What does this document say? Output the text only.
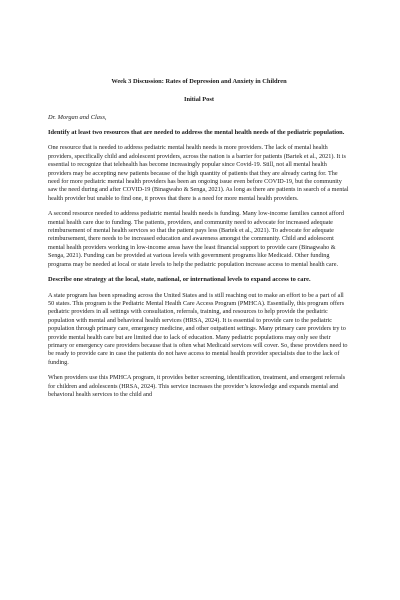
Week 3 Discussion: Rates of Depression and Anxiety in Children
Initial Post
Dr. Morgan and Class,
Identify at least two resources that are needed to address the mental health needs of the pediatric population.
One resource that is needed to address pediatric mental health needs is more providers. The lack of mental health providers, specifically child and adolescent providers, across the nation is a barrier for patients (Bartek et al., 2021). It is essential to recognize that telehealth has become increasingly popular since Covid-19. Still, not all mental health providers may be accepting new patients because of the high quantity of patients that they are already caring for. The need for more pediatric mental health providers has been an ongoing issue even before COVID-19, but the community saw the need during and after COVID-19 (Binagwaho & Senga, 2021). As long as there are patients in search of a mental health provider but unable to find one, it proves that there is a need for more mental health providers.
A second resource needed to address pediatric mental health needs is funding. Many low-income families cannot afford mental health care due to funding. The patients, providers, and community need to advocate for increased adequate reimbursement of mental health services so that the patient pays less (Bartek et al., 2021). To advocate for adequate reimbursement, there needs to be increased education and awareness amongst the community. Child and adolescent mental health providers working in low-income areas have the least financial support to provide care (Binagwaho & Senga, 2021). Funding can be provided at various levels with government programs like Medicaid. Other funding programs may be needed at local or state levels to help the pediatric population increase access to mental health care.
Describe one strategy at the local, state, national, or international levels to expand access to care.
A state program has been spreading across the United States and is still reaching out to make an effort to be a part of all 50 states. This program is the Pediatric Mental Health Care Access Program (PMHCA). Essentially, this program offers pediatric providers in all settings with consultation, referrals, training, and resources to help provide the pediatric population with mental and behavioral health services (HRSA, 2024). It is essential to provide care to the pediatric population through primary care, emergency medicine, and other outpatient settings. Many primary care providers try to provide mental health care but are limited due to lack of education. Many pediatric populations may only see their primary or emergency care providers because that is often what Medicaid services will cover. So, these providers need to be ready to provide care in case the patients do not have access to mental health provider specialists due to the lack of funding.
When providers use this PMHCA program, it provides better screening, identification, treatment, and emergent referrals for children and adolescents (HRSA, 2024). This service increases the provider’s knowledge and expands mental and behavioral health services to the child and
